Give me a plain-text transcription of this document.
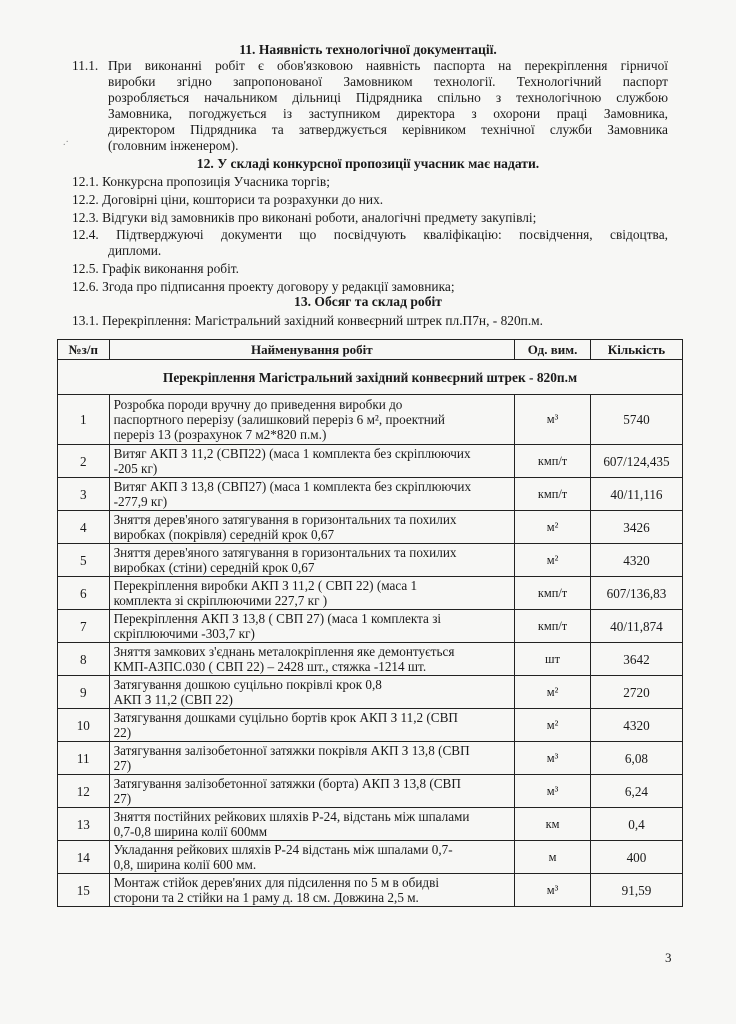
11. Наявність технологічної документації.
11.1. При виконанні робіт є обов'язковою наявність паспорта на перекріплення гірничої
виробки згідно запропонованої Замовником технології. Технологічний паспорт
розробляється начальником дільниці Підрядника спільно з технологічною службою
Замовника, погоджується із заступником директора з охорони праці Замовника,
директором Підрядника та затверджується керівником технічної служби Замовника
(головним інженером).
.·
12. У складі конкурсної пропозиції учасник має надати.
12.1. Конкурсна пропозиція Учасника торгів;
12.2. Договірні ціни, кошториси та розрахунки до них.
12.3. Відгуки від замовників про виконані роботи, аналогічні предмету закупівлі;
12.4. Підтверджуючі документи що посвідчують кваліфікацію: посвідчення, свідоцтва,
дипломи.
12.5. Графік виконання робіт.
12.6. Згода про підписання проекту договору у редакції замовника;
13. Обсяг та склад робіт
13.1. Перекріплення: Магістральний західний конвеєрний штрек пл.П7н, - 820п.м.
№з/п	Найменування робіт	Од. вим.	Кількість
Перекріплення Магістральний західний конвеєрний штрек - 820п.м			
1	Розробка породи вручну до приведення виробки до
паспортного перерізу (залишковий переріз 6 м², проектний
переріз 13 (розрахунок 7 м2*820 п.м.)	м³	5740
2	Витяг АКП З 11,2 (СВП22) (маса 1 комплекта без скріплюючих
-205 кг)	кмп/т	607/124,435
3	Витяг АКП З 13,8 (СВП27) (маса 1 комплекта без скріплюючих
-277,9 кг)	кмп/т	40/11,116
4	Зняття дерев'яного затягування в горизонтальних та похилих
виробках (покрівля) середній крок 0,67	м²	3426
5	Зняття дерев'яного затягування в горизонтальних та похилих
виробках (стіни) середній крок 0,67	м²	4320
6	Перекріплення виробки АКП З 11,2 ( СВП 22) (маса 1
комплекта зі скріплюючими 227,7 кг )	кмп/т	607/136,83
7	Перекріплення АКП З 13,8 ( СВП 27) (маса 1 комплекта зі
скріплюючими -303,7 кг)	кмп/т	40/11,874
8	Зняття замкових з'єднань металокріплення яке демонтується
КМП-АЗПС.030 ( СВП 22) – 2428 шт., стяжка -1214 шт.	шт	3642
9	Затягування дошкою суцільно покрівлі крок 0,8
АКП З 11,2 (СВП 22)	м²	2720
10	Затягування дошками суцільно бортів крок АКП З 11,2 (СВП
22)	м²	4320
11	Затягування залізобетонної затяжки покрівля АКП З 13,8 (СВП
27)	м³	6,08
12	Затягування залізобетонної затяжки (борта) АКП З 13,8 (СВП
27)	м³	6,24
13	Зняття постійних рейкових шляхів Р-24, відстань між шпалами
0,7-0,8 ширина колії 600мм	км	0,4
14	Укладання рейкових шляхів Р-24 відстань між шпалами 0,7-
0,8, ширина колії 600 мм.	м	400
15	Монтаж стійок дерев'яних для підсилення по 5 м в обидві
сторони та 2 стійки на 1 раму д. 18 см. Довжина 2,5 м.	м³	91,59
3
